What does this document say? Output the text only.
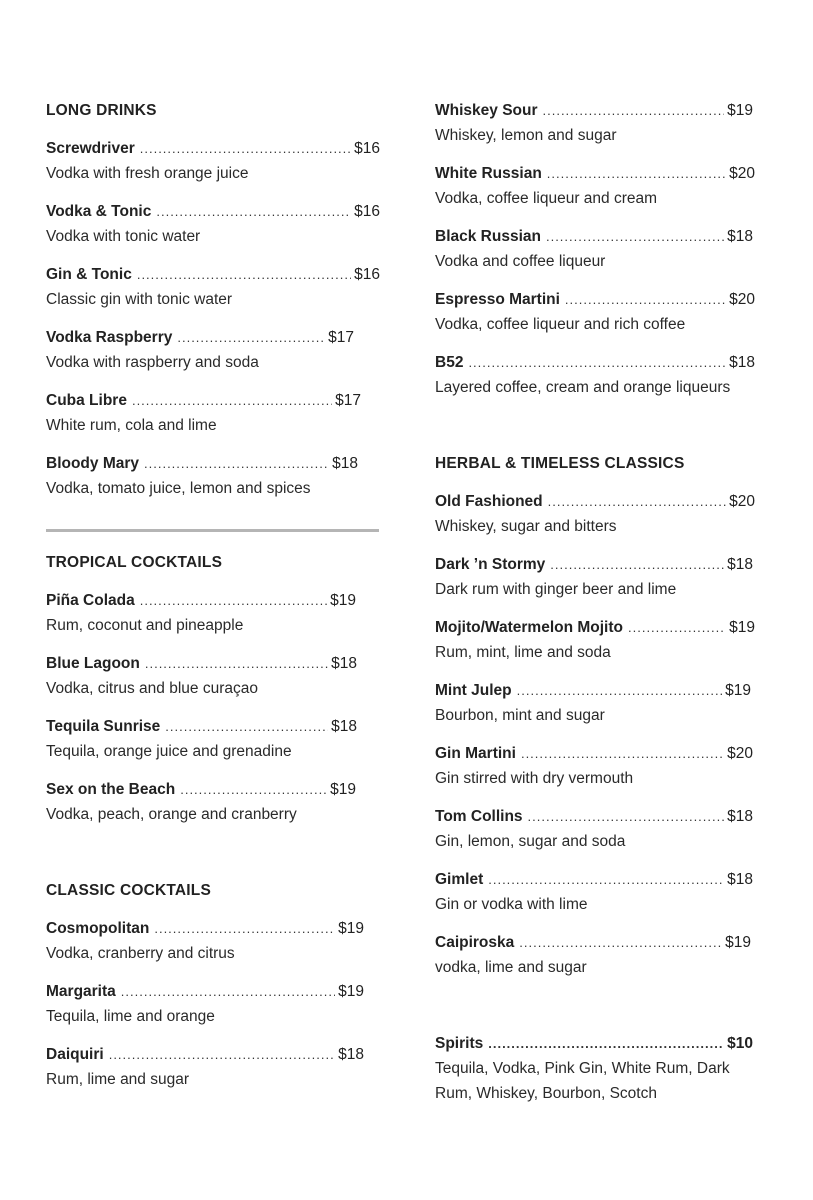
LONG DRINKS
Screwdriver .....	$16
Vodka with fresh orange juice
Vodka & Tonic .....	$16
Vodka with tonic water
Gin & Tonic .....	$16
Classic gin with tonic water
Vodka Raspberry .....	$17
Vodka with raspberry and soda
Cuba Libre .....	$17
White rum, cola and lime
Bloody Mary .....	$18
Vodka, tomato juice, lemon and spices
TROPICAL COCKTAILS
Piña Colada .....	$19
Rum, coconut and pineapple
Blue Lagoon .....	$18
Vodka, citrus and blue curaçao
Tequila Sunrise .....	$18
Tequila, orange juice and grenadine
Sex on the Beach .....	$19
Vodka, peach, orange and cranberry
CLASSIC COCKTAILS
Cosmopolitan .....	$19
Vodka, cranberry and citrus
Margarita .....	$19
Tequila, lime and orange
Daiquiri .....	$18
Rum, lime and sugar
Whiskey Sour .....	$19
Whiskey, lemon and sugar
White Russian .....	$20
Vodka, coffee liqueur and cream
Black Russian .....	$18
Vodka and coffee liqueur
Espresso Martini .....	$20
Vodka, coffee liqueur and rich coffee
B52 .....	$18
Layered coffee, cream and orange liqueurs
HERBAL & TIMELESS CLASSICS
Old Fashioned .....	$20
Whiskey, sugar and bitters
Dark ’n Stormy .....	$18
Dark rum with ginger beer and lime
Mojito/Watermelon Mojito .....	$19
Rum, mint, lime and soda
Mint Julep .....	$19
Bourbon, mint and sugar
Gin Martini .....	$20
Gin stirred with dry vermouth
Tom Collins .....	$18
Gin, lemon, sugar and soda
Gimlet .....	$18
Gin or vodka with lime
Caipiroska .....	$19
vodka, lime and sugar
Spirits .....	$10
Tequila, Vodka, Pink Gin, White Rum, Dark
Rum, Whiskey, Bourbon, Scotch
